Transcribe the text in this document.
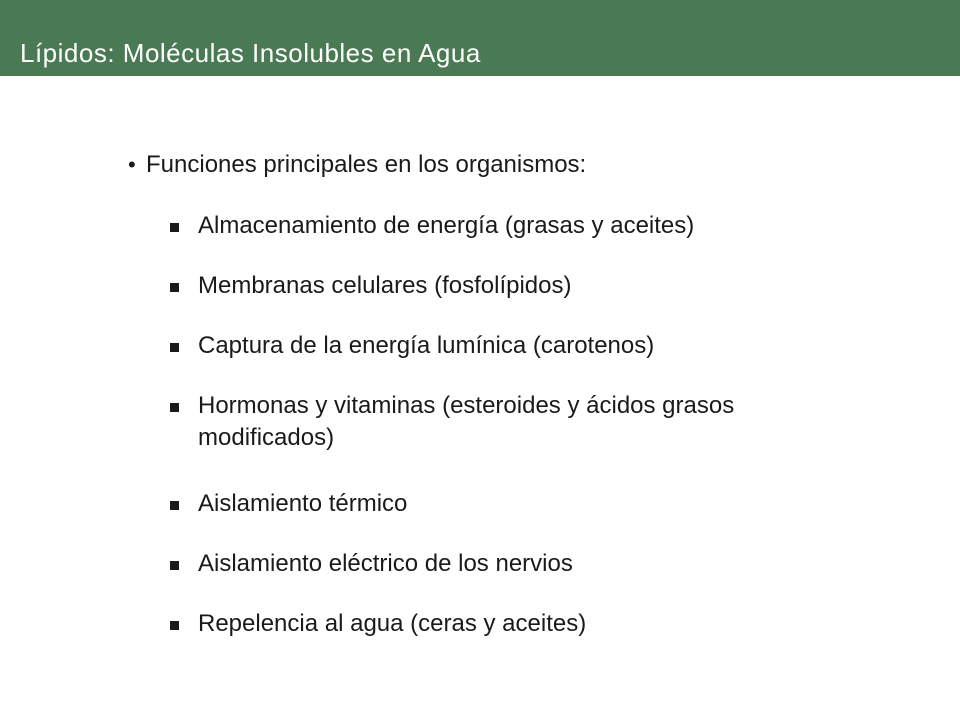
Lípidos: Moléculas Insolubles en Agua
• Funciones principales en los organismos:
Almacenamiento de energía (grasas y aceites)
Membranas celulares (fosfolípidos)
Captura de la energía lumínica (carotenos)
Hormonas y vitaminas (esteroides y ácidos grasos modificados)
Aislamiento térmico
Aislamiento eléctrico de los nervios
Repelencia al agua (ceras y aceites)
